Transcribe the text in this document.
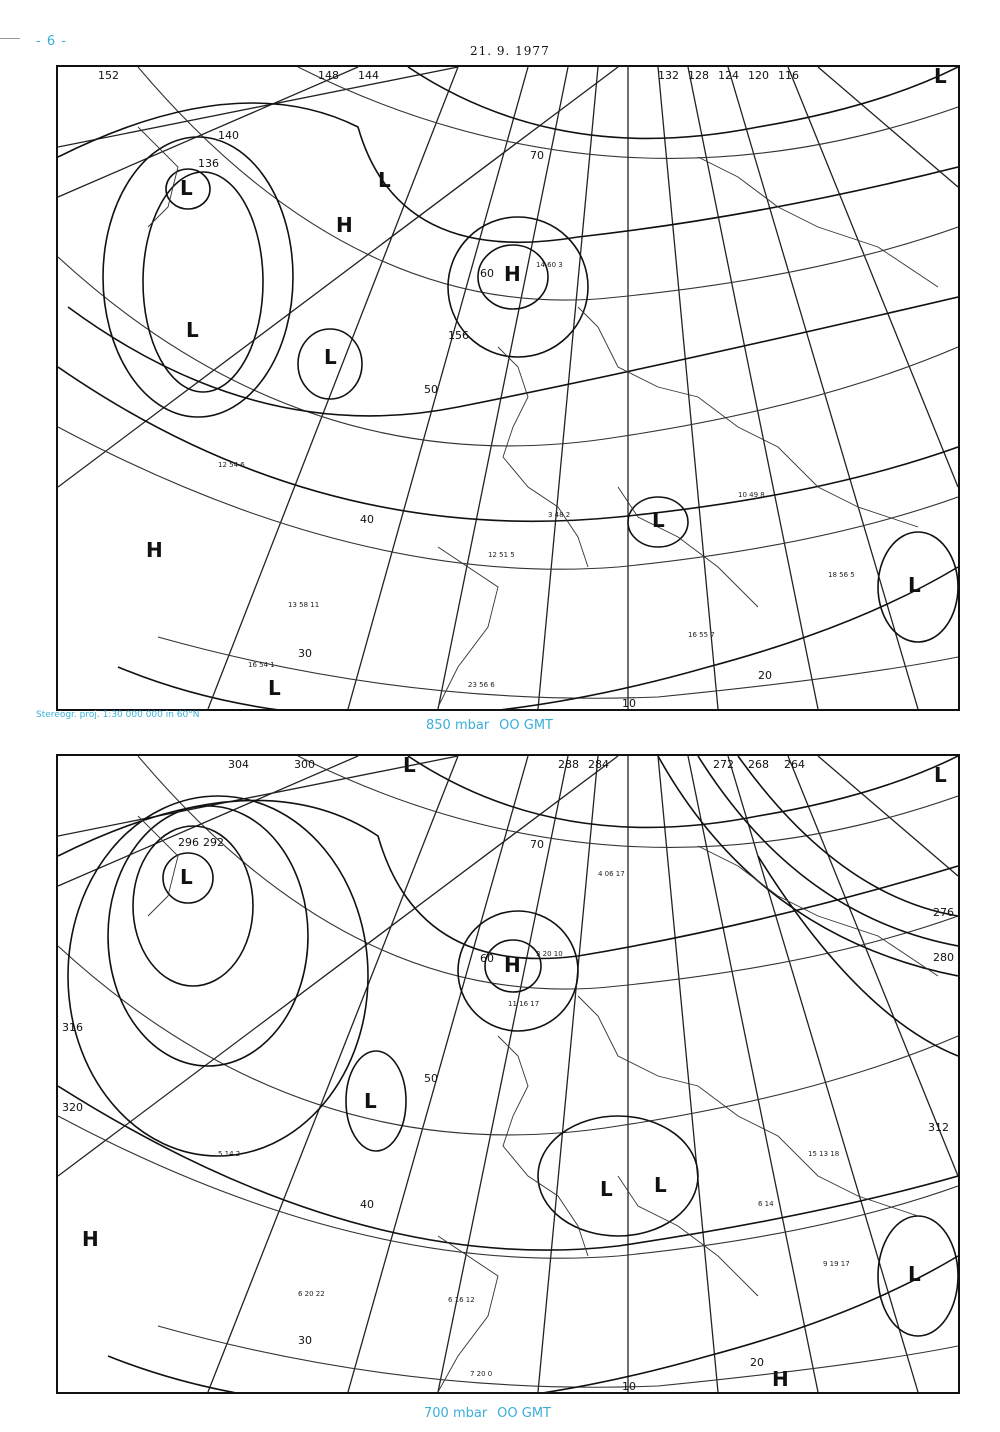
- 6 -
21. 9. 1977
152	148 144
140
136
132 128 124 120 116
156
70
60
50
40
30
20
10
L
L
L
L
H
H
H
L
L
L
L
12 54 6
13 58 11
16 54 1
23 56 6
14 60 3
16 55 7
18 56 5
10 49 8
12 51 5
3 48 2
Stereogr. proj. 1:30 000 000 in 60°N
850 mbar OO GMT
304	300
296 292
288 284
280
276
272 268 264
312
316
320
70
60
50
40
30
20
10
L
L
L	L
H
H
L L
L
H
5 14 2
6 20 22
3 20 10
4 06 17
7 20 0
11 16 17
6 16 12
9 19 17
15 13 18
6 14
700 mbar OO GMT
